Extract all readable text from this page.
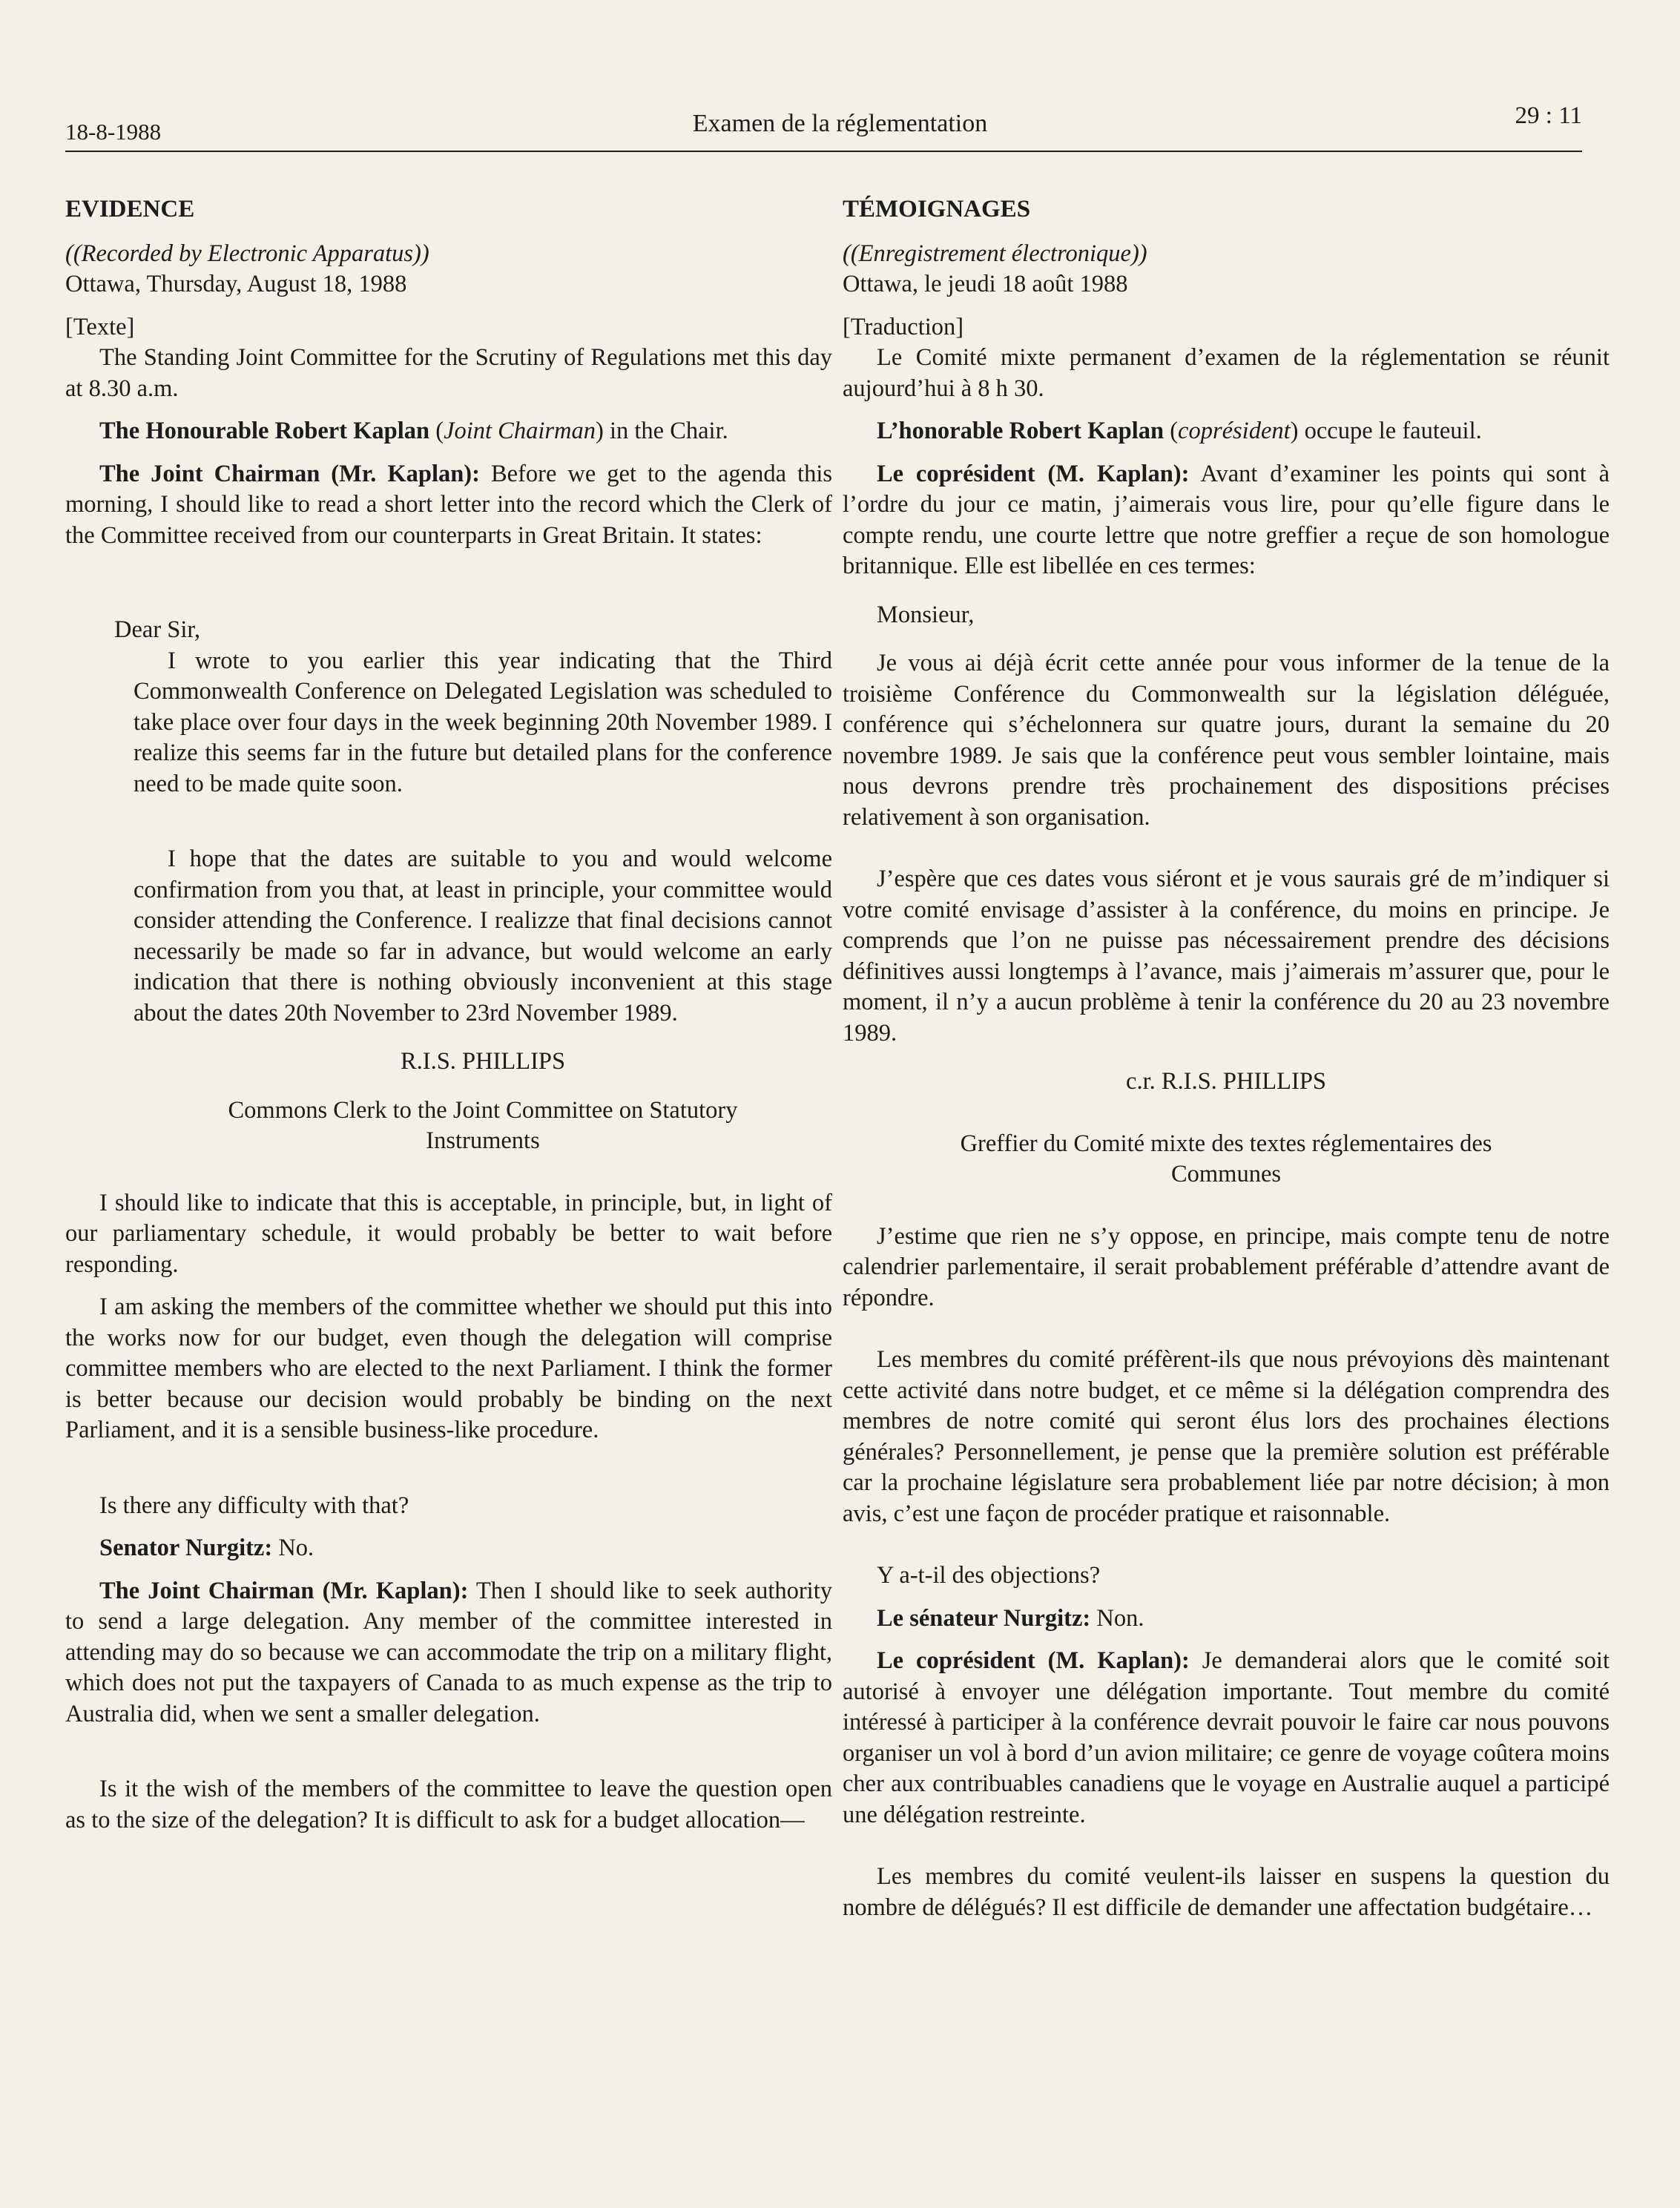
18-8-1988	Examen de la réglementation	29 : 11

EVIDENCE

((Recorded by Electronic Apparatus))

Ottawa, Thursday, August 18, 1988

[Texte]

The Standing Joint Committee for the Scrutiny of Regulations met this day at 8.30 a.m.

The Honourable Robert Kaplan (Joint Chairman) in the Chair.

The Joint Chairman (Mr. Kaplan): Before we get to the agenda this morning, I should like to read a short letter into the record which the Clerk of the Committee received from our counterparts in Great Britain. It states:

Dear Sir,

I wrote to you earlier this year indicating that the Third Commonwealth Conference on Delegated Legislation was scheduled to take place over four days in the week beginning 20th November 1989. I realize this seems far in the future but detailed plans for the conference need to be made quite soon.

I hope that the dates are suitable to you and would welcome confirmation from you that, at least in principle, your committee would consider attending the Conference. I realizze that final decisions cannot necessarily be made so far in advance, but would welcome an early indication that there is nothing obviously inconvenient at this stage about the dates 20th November to 23rd November 1989.

R.I.S. PHILLIPS

Commons Clerk to the Joint Committee on Statutory Instruments

I should like to indicate that this is acceptable, in principle, but, in light of our parliamentary schedule, it would probably be better to wait before responding.

I am asking the members of the committee whether we should put this into the works now for our budget, even though the delegation will comprise committee members who are elected to the next Parliament. I think the former is better because our decision would probably be binding on the next Parliament, and it is a sensible business-like procedure.

Is there any difficulty with that?

Senator Nurgitz: No.

The Joint Chairman (Mr. Kaplan): Then I should like to seek authority to send a large delegation. Any member of the committee interested in attending may do so because we can accommodate the trip on a military flight, which does not put the taxpayers of Canada to as much expense as the trip to Australia did, when we sent a smaller delegation.

Is it the wish of the members of the committee to leave the question open as to the size of the delegation? It is difficult to ask for a budget allocation—

TÉMOIGNAGES

((Enregistrement électronique))

Ottawa, le jeudi 18 août 1988

[Traduction]

Le Comité mixte permanent d’examen de la réglementation se réunit aujourd’hui à 8 h 30.

L’honorable Robert Kaplan (coprésident) occupe le fauteuil.

Le coprésident (M. Kaplan): Avant d’examiner les points qui sont à l’ordre du jour ce matin, j’aimerais vous lire, pour qu’elle figure dans le compte rendu, une courte lettre que notre greffier a reçue de son homologue britannique. Elle est libellée en ces termes:

Monsieur,

Je vous ai déjà écrit cette année pour vous informer de la tenue de la troisième Conférence du Commonwealth sur la législation déléguée, conférence qui s’échelonnera sur quatre jours, durant la semaine du 20 novembre 1989. Je sais que la conférence peut vous sembler lointaine, mais nous devrons prendre très prochainement des dispositions précises relativement à son organisation.

J’espère que ces dates vous siéront et je vous saurais gré de m’indiquer si votre comité envisage d’assister à la conférence, du moins en principe. Je comprends que l’on ne puisse pas nécessairement prendre des décisions définitives aussi longtemps à l’avance, mais j’aimerais m’assurer que, pour le moment, il n’y a aucun problème à tenir la conférence du 20 au 23 novembre 1989.

c.r. R.I.S. PHILLIPS

Greffier du Comité mixte des textes réglementaires des Communes

J’estime que rien ne s’y oppose, en principe, mais compte tenu de notre calendrier parlementaire, il serait probablement préférable d’attendre avant de répondre.

Les membres du comité préfèrent-ils que nous prévoyions dès maintenant cette activité dans notre budget, et ce même si la délégation comprendra des membres de notre comité qui seront élus lors des prochaines élections générales? Personnellement, je pense que la première solution est préférable car la prochaine législature sera probablement liée par notre décision; à mon avis, c’est une façon de procéder pratique et raisonnable.

Y a-t-il des objections?

Le sénateur Nurgitz: Non.

Le coprésident (M. Kaplan): Je demanderai alors que le comité soit autorisé à envoyer une délégation importante. Tout membre du comité intéressé à participer à la conférence devrait pouvoir le faire car nous pouvons organiser un vol à bord d’un avion militaire; ce genre de voyage coûtera moins cher aux contribuables canadiens que le voyage en Australie auquel a participé une délégation restreinte.

Les membres du comité veulent-ils laisser en suspens la question du nombre de délégués? Il est difficile de demander une affectation budgétaire…
